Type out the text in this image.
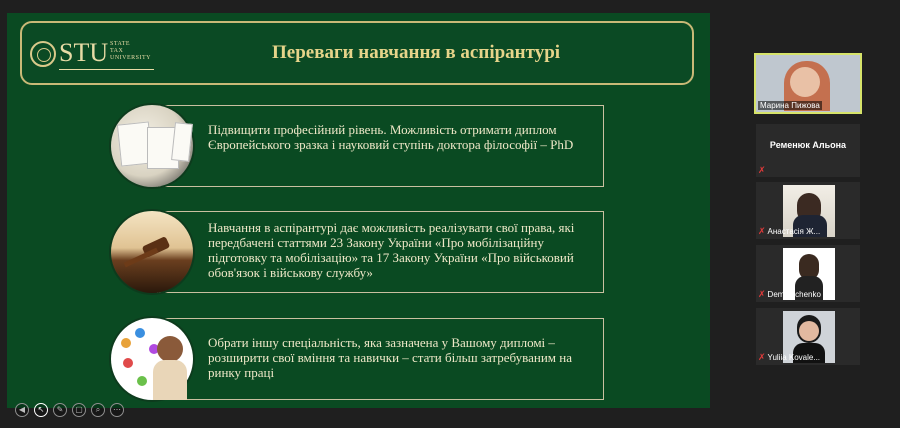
STU STATE
TAX
UNIVERSITY	Переваги навчання в аспірантурі
Підвищити професійний рівень. Можливість отримати диплом Європейського зразка і науковий ступінь доктора філософії – PhD
Навчання в аспірантурі дає можливість реалізувати свої права, які передбачені статтями 23 Закону України «Про мобілізаційну підготовку та мобілізацію» та 17 Закону України «Про військовий обов'язок і військову службу»
Обрати іншу спеціальність, яка зазначена у Вашому дипломі – розширити свої вміння та навички – стати більш затребуваним на ринку праці
◀	↖	✎	▢	⌕	⋯
Марина Пижова
Ременюк Альона
✗
✗ Анастасія Ж...
✗ Demianchenko
✗ Yuliia Kovale...
